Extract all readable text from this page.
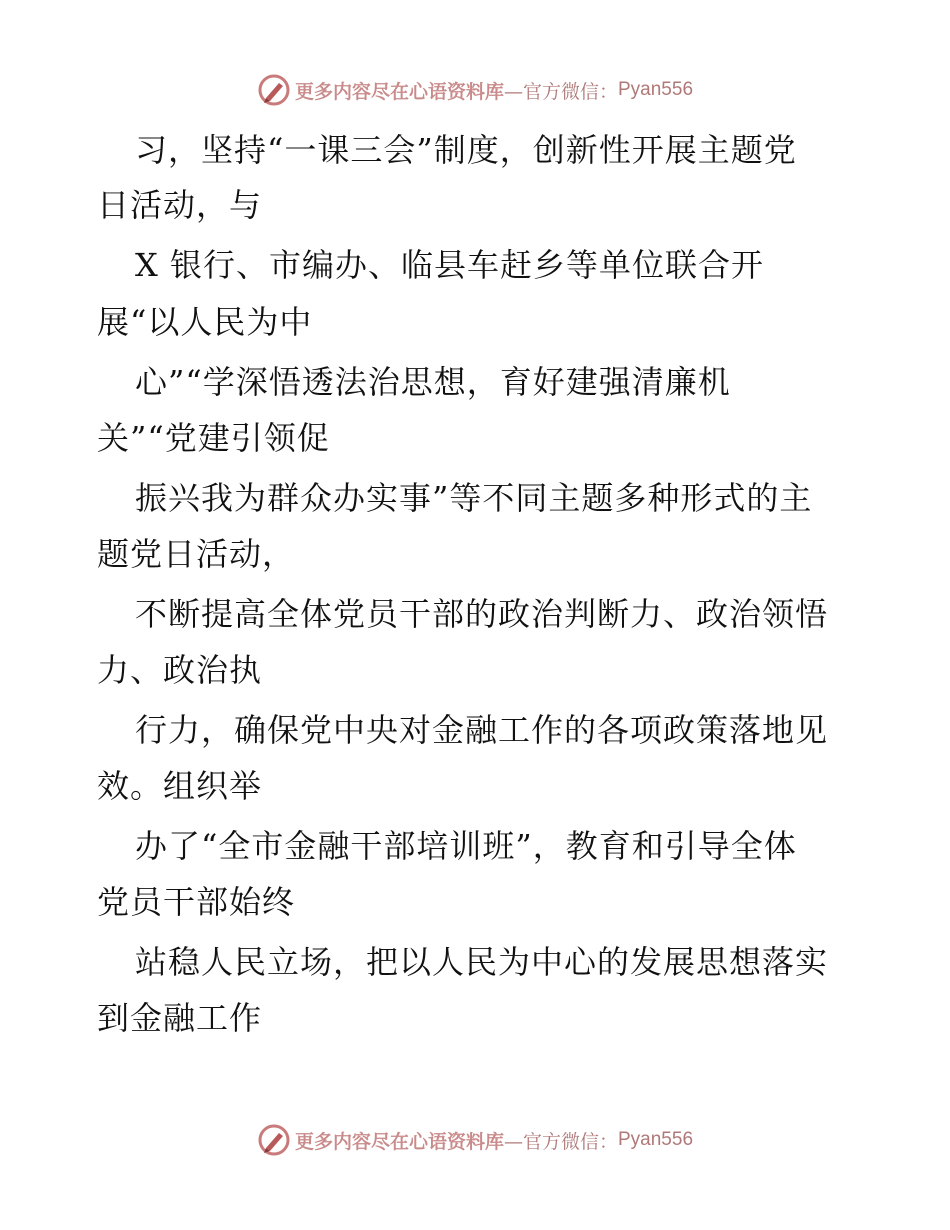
更多内容尽在心语资料库 —官方微信： Pyan556
习，坚持“一课三会”制度，创新性开展主题党
日活动，与
X 银行、市编办、临县车赶乡等单位联合开
展“以人民为中
心”“学深悟透法治思想，育好建强清廉机
关”“党建引领促
振兴我为群众办实事”等不同主题多种形式的主
题党日活动，
不断提高全体党员干部的政治判断力、政治领悟
力、政治执
行力，确保党中央对金融工作的各项政策落地见
效。组织举
办了“全市金融干部培训班”，教育和引导全体
党员干部始终
站稳人民立场，把以人民为中心的发展思想落实
到金融工作
更多内容尽在心语资料库 —官方微信： Pyan556
